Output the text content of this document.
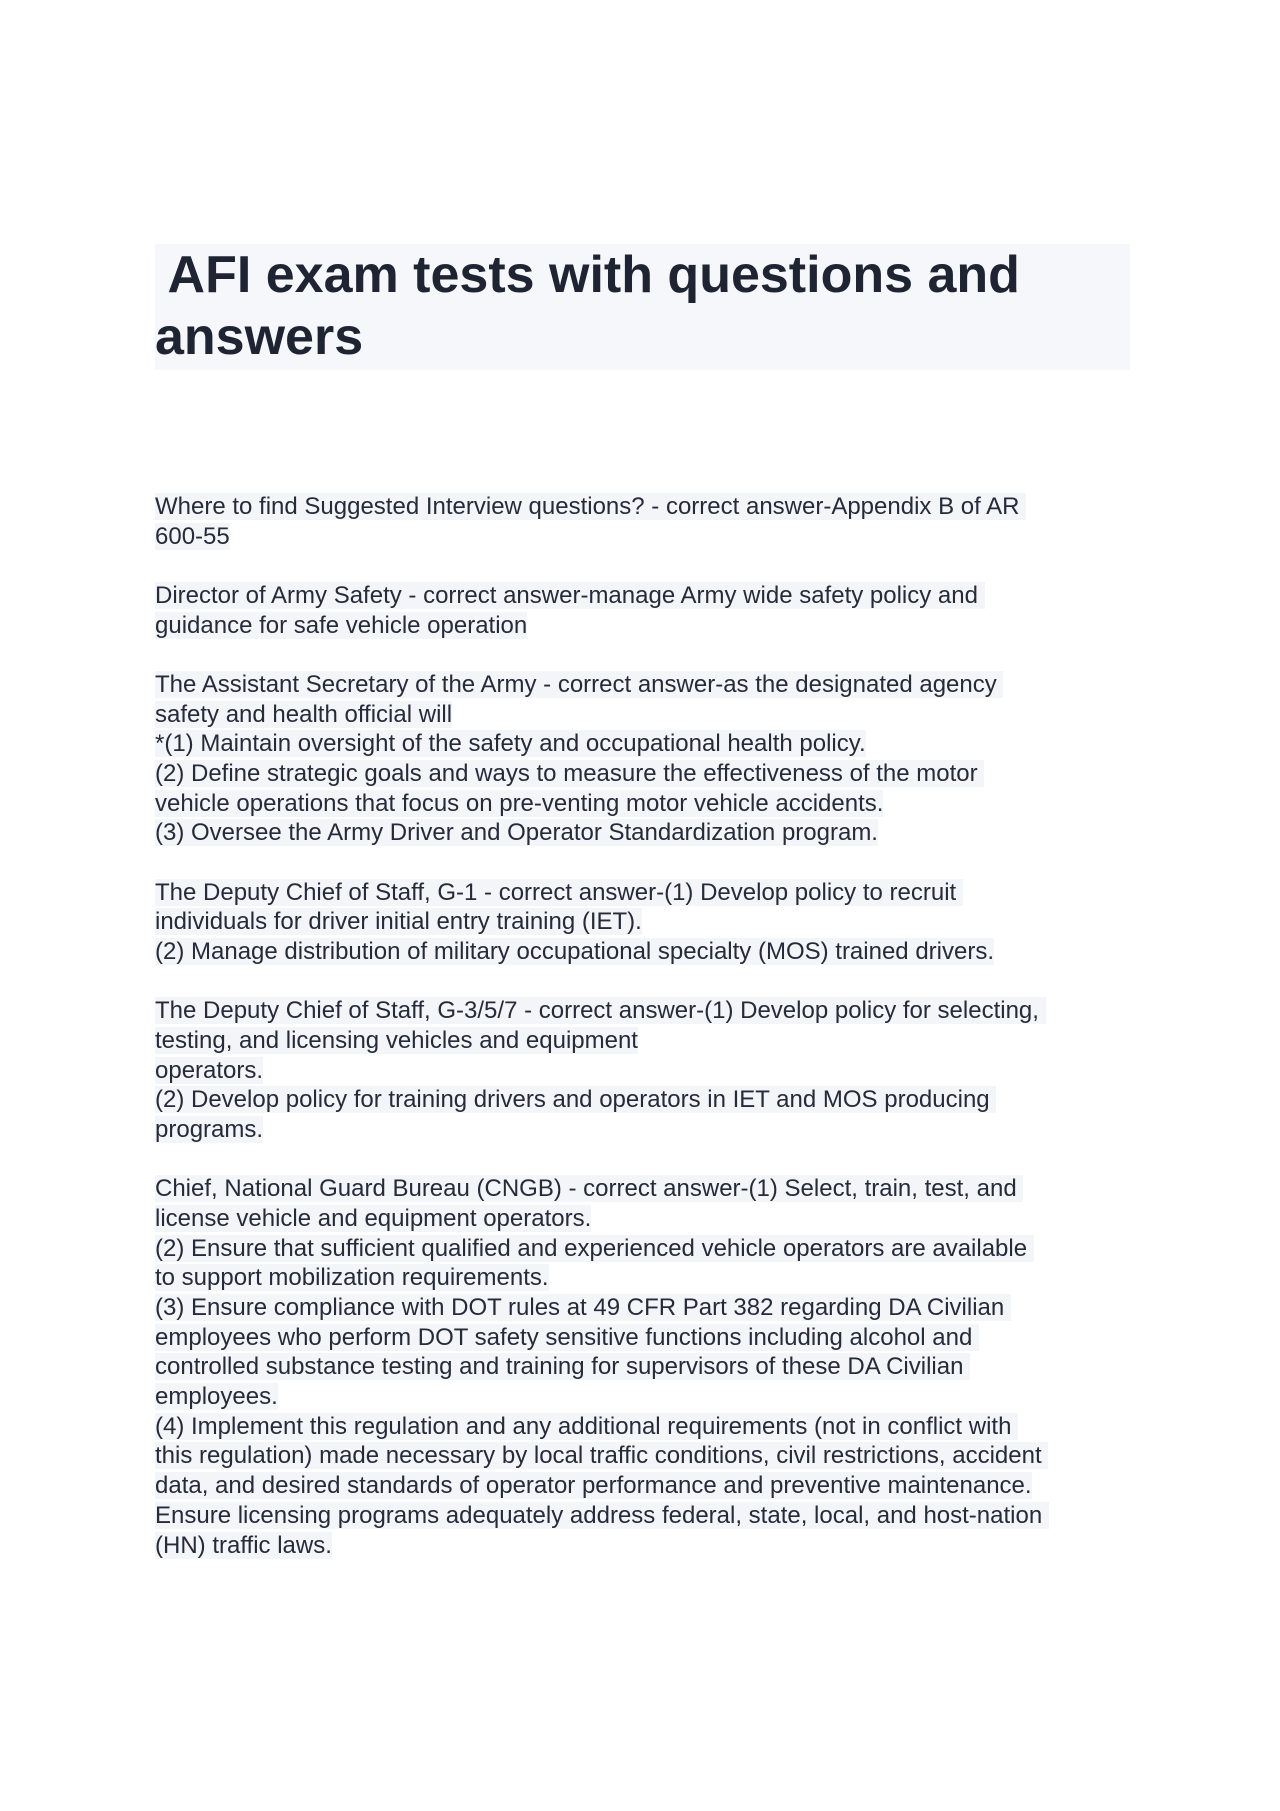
AFI exam tests with questions and
answers
Where to find Suggested Interview questions? - correct answer-Appendix B of AR
600-55
Director of Army Safety - correct answer-manage Army wide safety policy and
guidance for safe vehicle operation
The Assistant Secretary of the Army - correct answer-as the designated agency
safety and health official will
*(1) Maintain oversight of the safety and occupational health policy.
(2) Define strategic goals and ways to measure the effectiveness of the motor
vehicle operations that focus on pre-venting motor vehicle accidents.
(3) Oversee the Army Driver and Operator Standardization program.
The Deputy Chief of Staff, G-1 - correct answer-(1) Develop policy to recruit
individuals for driver initial entry training (IET).
(2) Manage distribution of military occupational specialty (MOS) trained drivers.
The Deputy Chief of Staff, G-3/5/7 - correct answer-(1) Develop policy for selecting,
testing, and licensing vehicles and equipment
operators.
(2) Develop policy for training drivers and operators in IET and MOS producing
programs.
Chief, National Guard Bureau (CNGB) - correct answer-(1) Select, train, test, and
license vehicle and equipment operators.
(2) Ensure that sufficient qualified and experienced vehicle operators are available
to support mobilization requirements.
(3) Ensure compliance with DOT rules at 49 CFR Part 382 regarding DA Civilian
employees who perform DOT safety sensitive functions including alcohol and
controlled substance testing and training for supervisors of these DA Civilian
employees.
(4) Implement this regulation and any additional requirements (not in conflict with
this regulation) made necessary by local traffic conditions, civil restrictions, accident
data, and desired standards of operator performance and preventive maintenance.
Ensure licensing programs adequately address federal, state, local, and host-nation
(HN) traffic laws.
